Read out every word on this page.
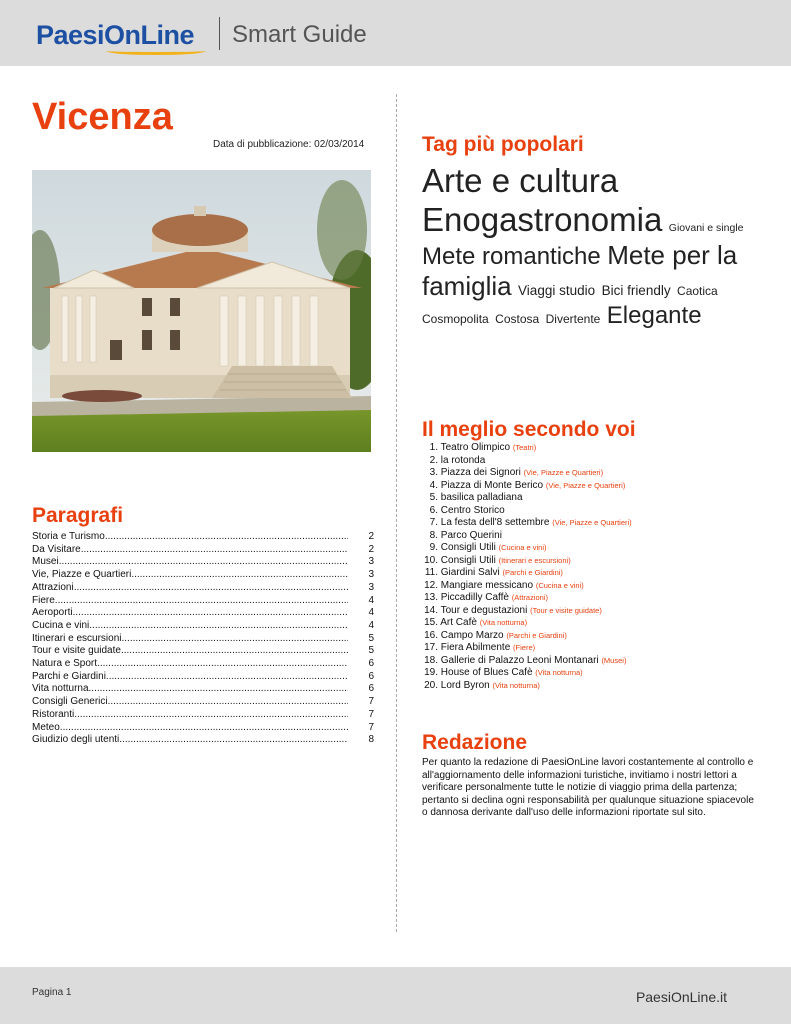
PaesiOnLine	Smart Guide
Vicenza
Data di pubblicazione: 02/03/2014
Paragrafi
Storia e Turismo .....	2
Da Visitare .....	2
Musei .....	3
Vie, Piazze e Quartieri .....	3
Attrazioni .....	3
Fiere .....	4
Aeroporti .....	4
Cucina e vini .....	4
Itinerari e escursioni .....	5
Tour e visite guidate .....	5
Natura e Sport .....	6
Parchi e Giardini .....	6
Vita notturna .....	6
Consigli Generici .....	7
Ristoranti .....	7
Meteo .....	7
Giudizio degli utenti .....	8
Tag più popolari
Arte e cultura Enogastronomia Giovani e single Mete romantiche Mete per la famiglia Viaggi studio Bici friendly Caotica Cosmopolita Costosa Divertente Elegante
Il meglio secondo voi
1. Teatro Olimpico (Teatri)
2. la rotonda
3. Piazza dei Signori (Vie, Piazze e Quartieri)
4. Piazza di Monte Berico (Vie, Piazze e Quartieri)
5. basilica palladiana
6. Centro Storico
7. La festa dell'8 settembre (Vie, Piazze e Quartieri)
8. Parco Querini
9. Consigli Utili (Cucina e vini)
10. Consigli Utili (Itinerari e escursioni)
11. Giardini Salvi (Parchi e Giardini)
12. Mangiare messicano (Cucina e vini)
13. Piccadilly Caffè (Attrazioni)
14. Tour e degustazioni (Tour e visite guidate)
15. Art Cafè (Vita notturna)
16. Campo Marzo (Parchi e Giardini)
17. Fiera Abilmente (Fiere)
18. Gallerie di Palazzo Leoni Montanari (Musei)
19. House of Blues Cafè (Vita notturna)
20. Lord Byron (Vita notturna)
Redazione
Per quanto la redazione di PaesiOnLine lavori costantemente al controllo e all'aggiornamento delle informazioni turistiche, invitiamo i nostri lettori a verificare personalmente tutte le notizie di viaggio prima della partenza; pertanto si declina ogni responsabilità per qualunque situazione spiacevole o dannosa derivante dall'uso delle informazioni riportate sul sito.
Pagina 1	PaesiOnLine.it
